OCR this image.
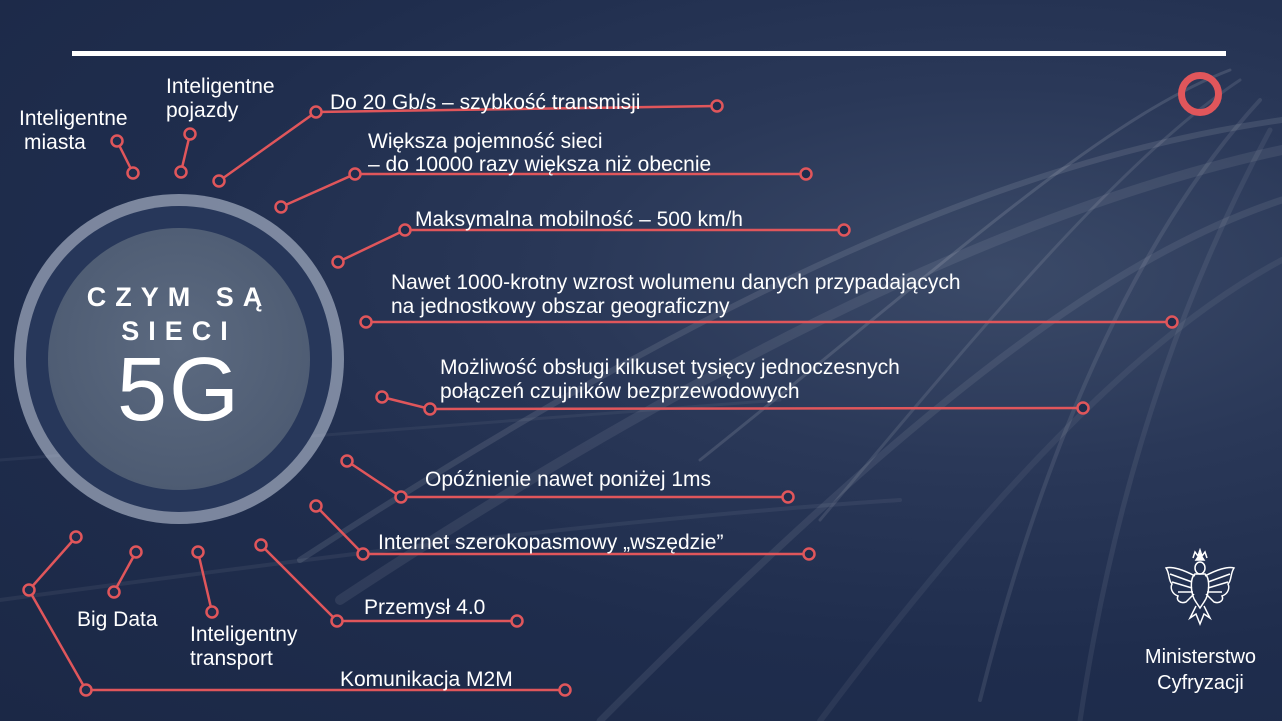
CZYM SĄ
SIECI
5G
Do 20 Gb/s – szybkość transmisji
Większa pojemność sieci
– do 10000 razy większa niż obecnie
Maksymalna mobilność – 500 km/h
Nawet 1000-krotny wzrost wolumenu danych przypadających
na jednostkowy obszar geograficzny
Możliwość obsługi kilkuset tysięcy jednoczesnych
połączeń czujników bezprzewodowych
Opóźnienie nawet poniżej 1ms
Internet szerokopasmowy „wszędzie”
Przemysł 4.0
Komunikacja M2M
Inteligentne
miasta
Inteligentne
pojazdy
Big Data
Inteligentny
transport	Ministerstwo
Cyfryzacji
